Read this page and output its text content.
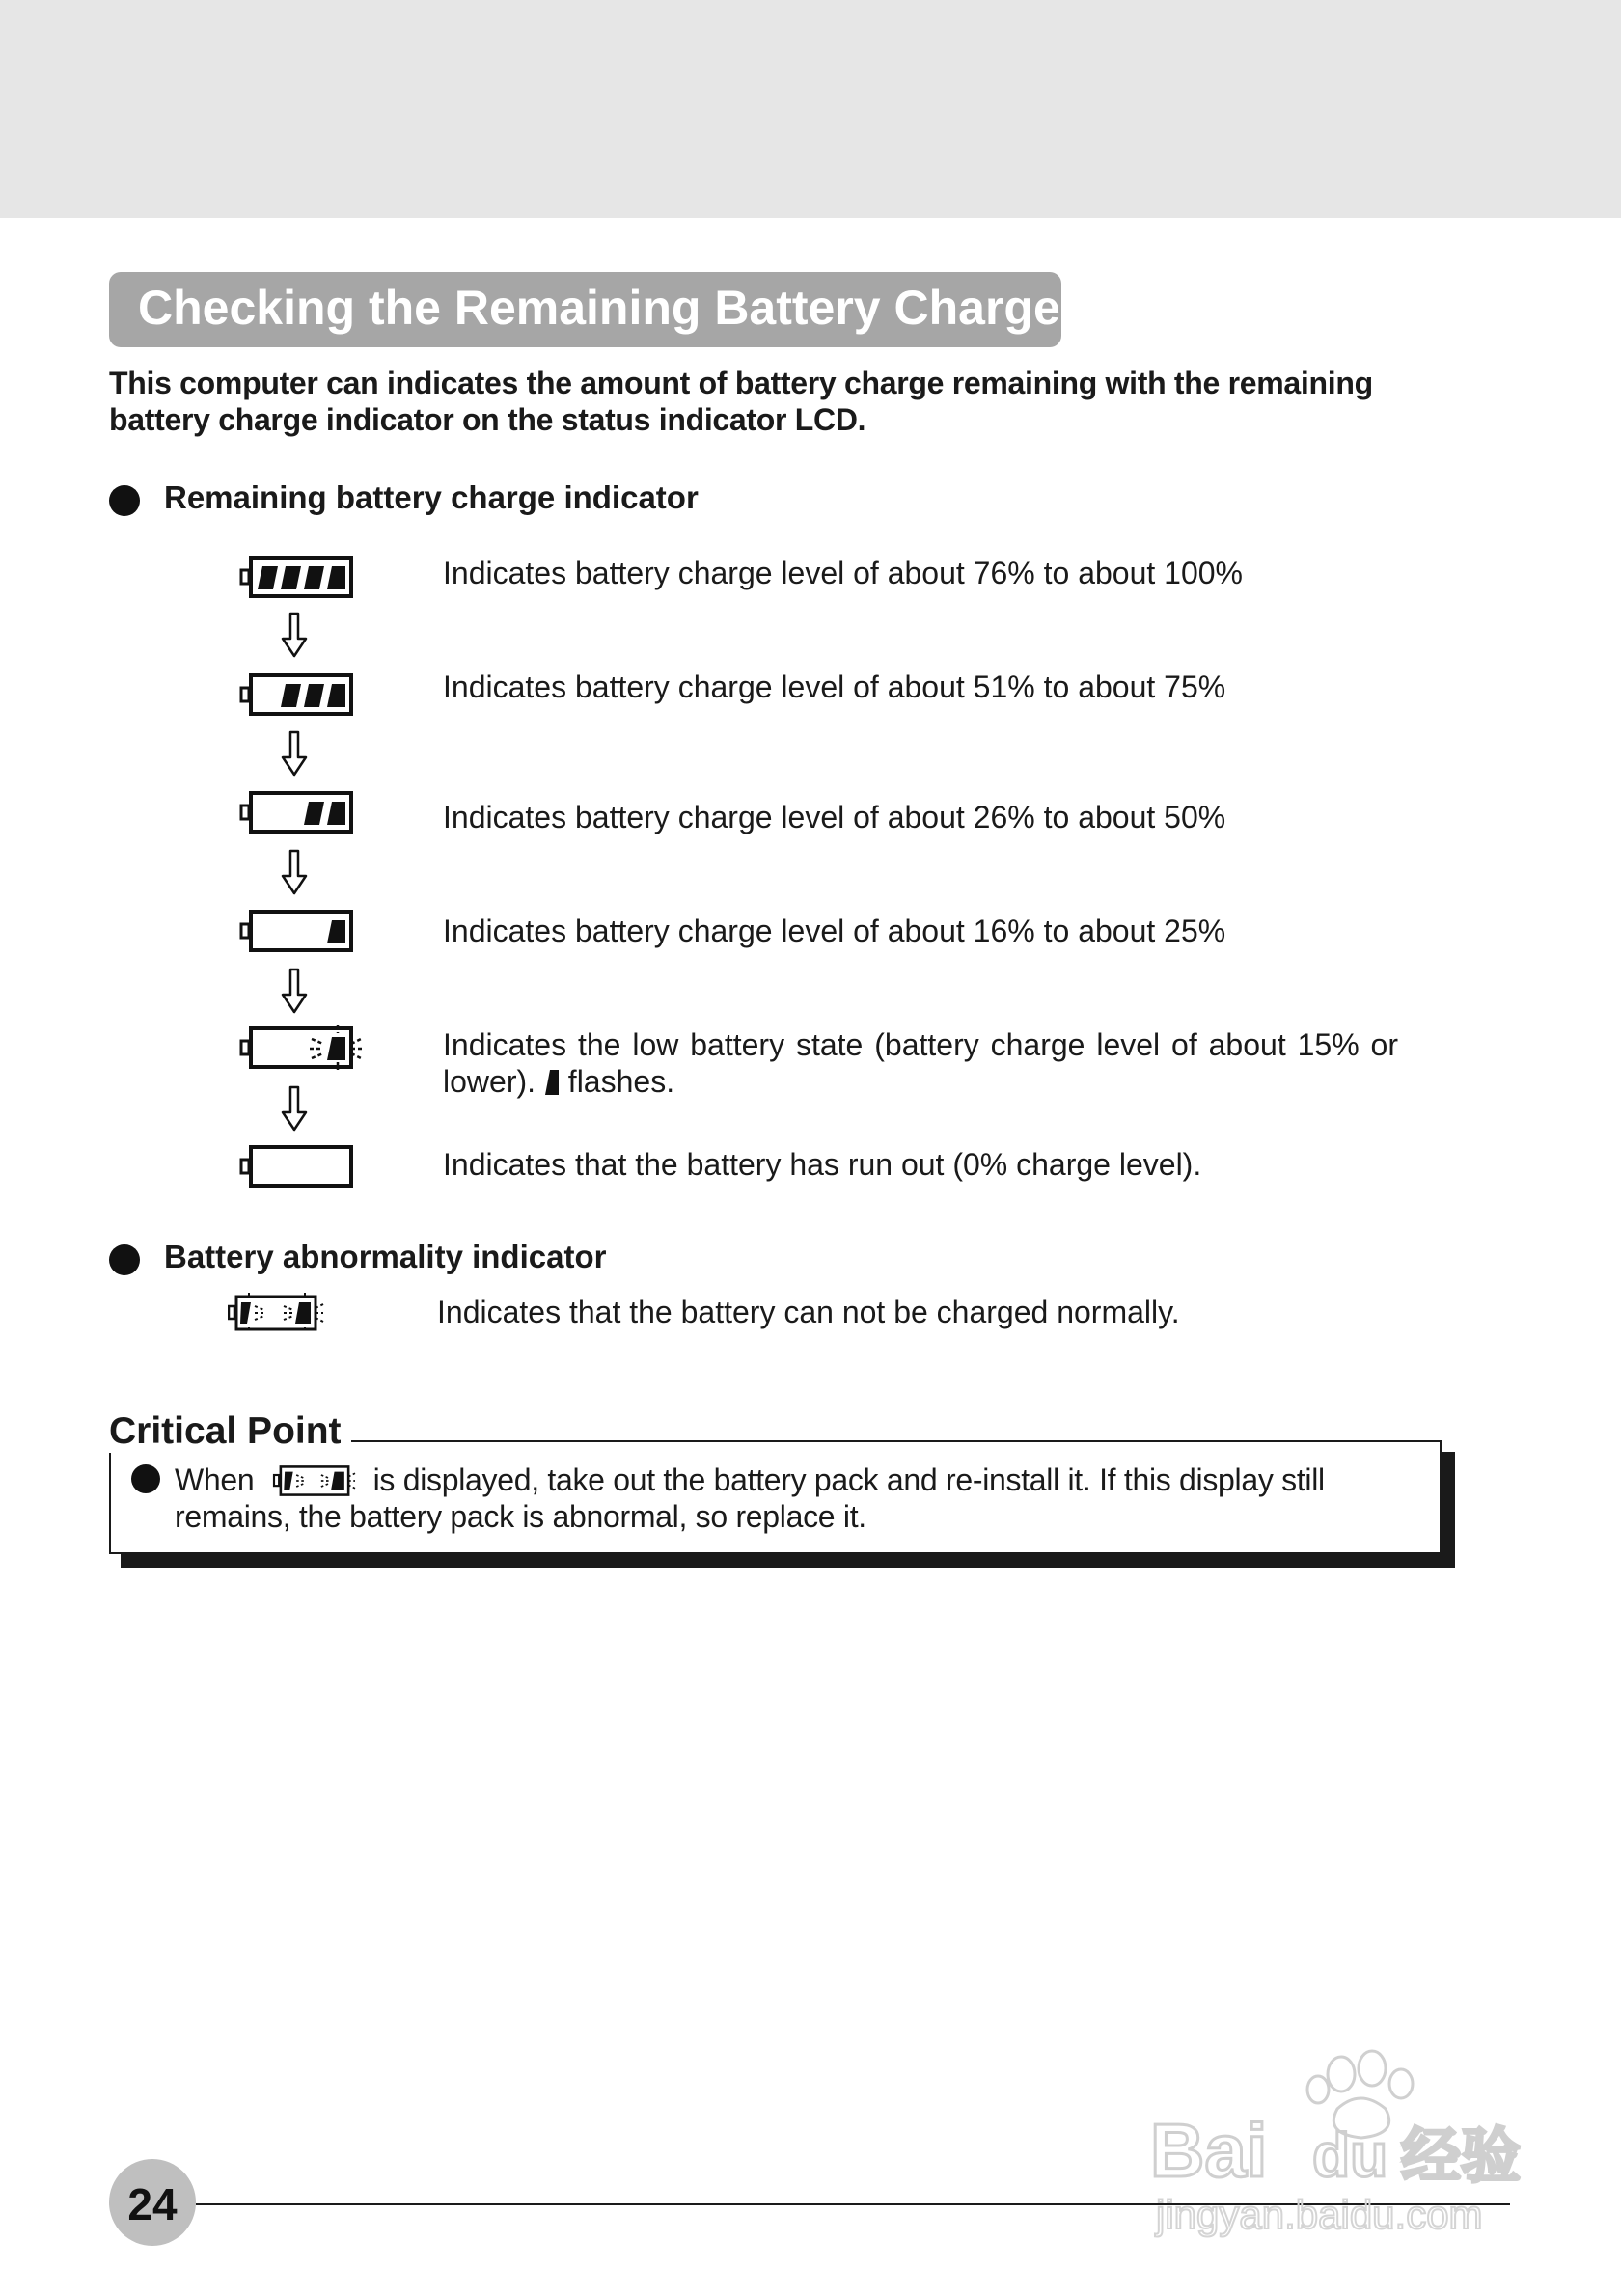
Checking the Remaining Battery Charge
This computer can indicates the amount of battery charge remaining with the remaining battery charge indicator on the status indicator LCD.
Remaining battery charge indicator
Indicates battery charge level of about 76% to about 100%
Indicates battery charge level of about 51% to about 75%
Indicates battery charge level of about 26% to about 50%
Indicates battery charge level of about 16% to about 25%
Indicates the low battery state (battery charge level of about 15% or lower). flashes.
Indicates that the battery has run out (0% charge level).
Battery abnormality indicator
Indicates that the battery can not be charged normally.
Critical Point
When	is displayed, take out the battery pack and re-install it. If this display still remains, the battery pack is abnormal, so replace it.
24
Bai du 经验
jingyan.baidu.com
